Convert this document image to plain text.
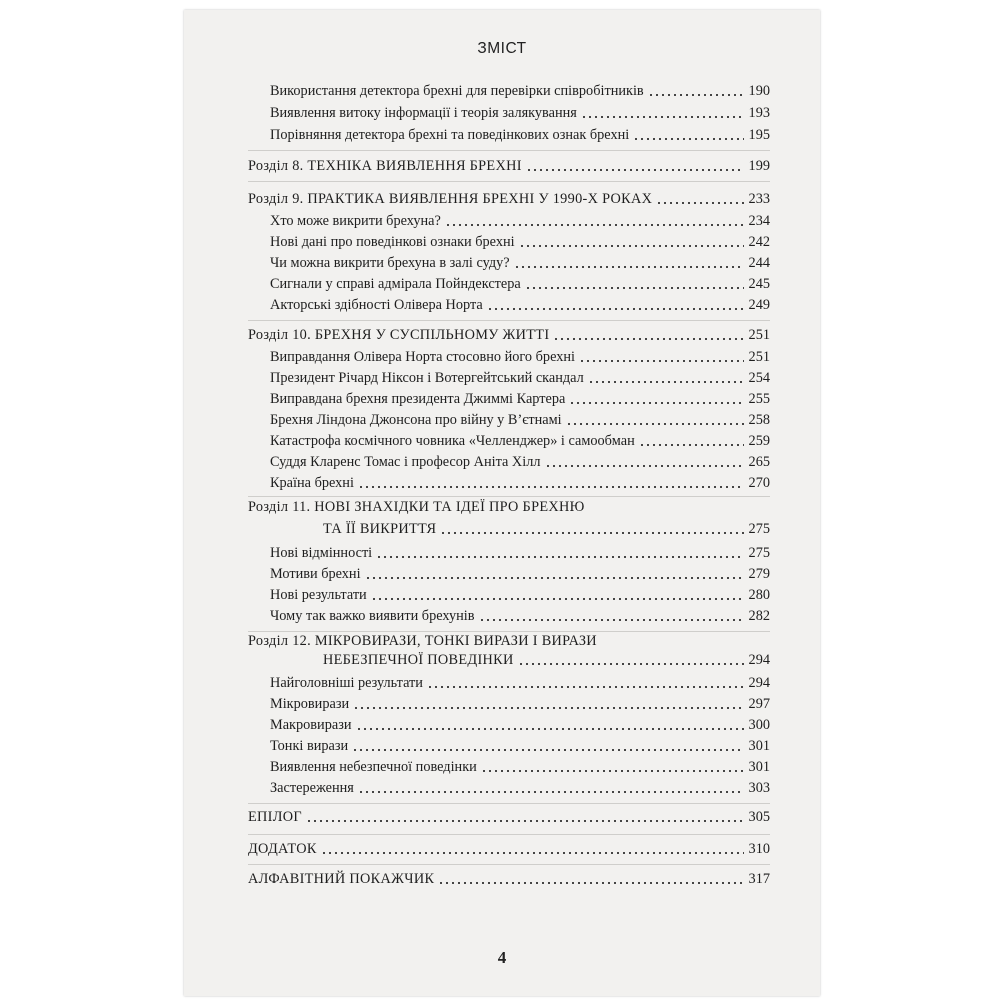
ЗМІСТ
Використання детектора брехні для перевірки співробітників	190
Виявлення витоку інформації і теорія залякування	193
Порівняння детектора брехні та поведінкових ознак брехні	195
Розділ 8. ТЕХНІКА ВИЯВЛЕННЯ БРЕХНІ	199
Розділ 9. ПРАКТИКА ВИЯВЛЕННЯ БРЕХНІ У 1990-Х РОКАХ	233
Хто може викрити брехуна?	234
Нові дані про поведінкові ознаки брехні	242
Чи можна викрити брехуна в залі суду?	244
Сигнали у справі адмірала Пойндекстера	245
Акторські здібності Олівера Норта	249
Розділ 10. БРЕХНЯ У СУСПІЛЬНОМУ ЖИТТІ	251
Виправдання Олівера Норта стосовно його брехні	251
Президент Річард Ніксон і Вотергейтський скандал	254
Виправдана брехня президента Джиммі Картера	255
Брехня Ліндона Джонсона про війну у В’єтнамі	258
Катастрофа космічного човника «Челленджер» і самообман	259
Суддя Кларенс Томас і професор Аніта Хілл	265
Країна брехні	270
Розділ 11. НОВІ ЗНАХІДКИ ТА ІДЕЇ ПРО БРЕХНЮ
ТА ЇЇ ВИКРИТТЯ	275
Нові відмінності	275
Мотиви брехні	279
Нові результати	280
Чому так важко виявити брехунів	282
Розділ 12. МІКРОВИРАЗИ, ТОНКІ ВИРАЗИ І ВИРАЗИ
НЕБЕЗПЕЧНОЇ ПОВЕДІНКИ	294
Найголовніші результати	294
Мікровирази	297
Макровирази	300
Тонкі вирази	301
Виявлення небезпечної поведінки	301
Застереження	303
ЕПІЛОГ	305
ДОДАТОК	310
АЛФАВІТНИЙ ПОКАЖЧИК	317
4
